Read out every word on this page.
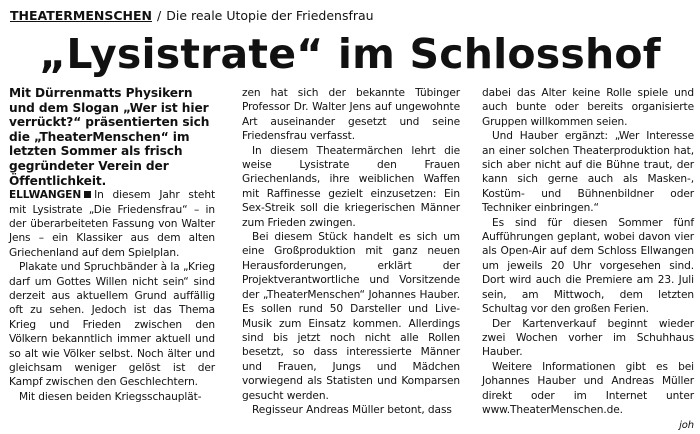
THEATERMENSCHEN / Die reale Utopie der Friedensfrau
„Lysistrate“ im Schlosshof

Mit Dürrenmatts Physikern und dem Slogan „Wer ist hier verrückt?“ präsentierten sich die „TheaterMenschen“ im letzten Sommer als frisch gegründeter Verein der Öffentlichkeit.

ELLWANGEN In diesem Jahr steht mit Lysistrate „Die Friedensfrau“ – in der überarbeiteten Fassung von Walter Jens – ein Klassiker aus dem alten Griechenland auf dem Spielplan.

Plakate und Spruchbänder à la „Krieg darf um Gottes Willen nicht sein“ sind derzeit aus aktuellem Grund auffällig oft zu sehen. Jedoch ist das Thema Krieg und Frieden zwischen den Völkern bekanntlich immer aktuell und so alt wie Völker selbst. Noch älter und gleichsam weniger gelöst ist der Kampf zwischen den Geschlechtern.

Mit diesen beiden Kriegsschauplät-

zen hat sich der bekannte Tübinger Professor Dr. Walter Jens auf ungewohnte Art auseinander gesetzt und seine Friedensfrau verfasst.

In diesem Theatermärchen lehrt die weise Lysistrate den Frauen Griechenlands, ihre weiblichen Waffen mit Raffinesse gezielt einzusetzen: Ein Sex-Streik soll die kriegerischen Männer zum Frieden zwingen.

Bei diesem Stück handelt es sich um eine Großproduktion mit ganz neuen Herausforderungen, erklärt der Projektverantwortliche und Vorsitzende der „TheaterMenschen“ Johannes Hauber. Es sollen rund 50 Darsteller und Live-Musik zum Einsatz kommen. Allerdings sind bis jetzt noch nicht alle Rollen besetzt, so dass interessierte Männer und Frauen, Jungs und Mädchen vorwiegend als Statisten und Komparsen gesucht werden.

Regisseur Andreas Müller betont, dass

dabei das Alter keine Rolle spiele und auch bunte oder bereits organisierte Gruppen willkommen seien.

Und Hauber ergänzt: „Wer Interesse an einer solchen Theaterproduktion hat, sich aber nicht auf die Bühne traut, der kann sich gerne auch als Masken-, Kostüm- und Bühnenbildner oder Techniker einbringen.“

Es sind für diesen Sommer fünf Aufführungen geplant, wobei davon vier als Open-Air auf dem Schloss Ellwangen um jeweils 20 Uhr vorgesehen sind. Dort wird auch die Premiere am 23. Juli sein, am Mittwoch, dem letzten Schultag vor den großen Ferien.

Der Kartenverkauf beginnt wieder zwei Wochen vorher im Schuhhaus Hauber.

Weitere Informationen gibt es bei Johannes Hauber und Andreas Müller direkt oder im Internet unter www.TheaterMenschen.de.

joh
